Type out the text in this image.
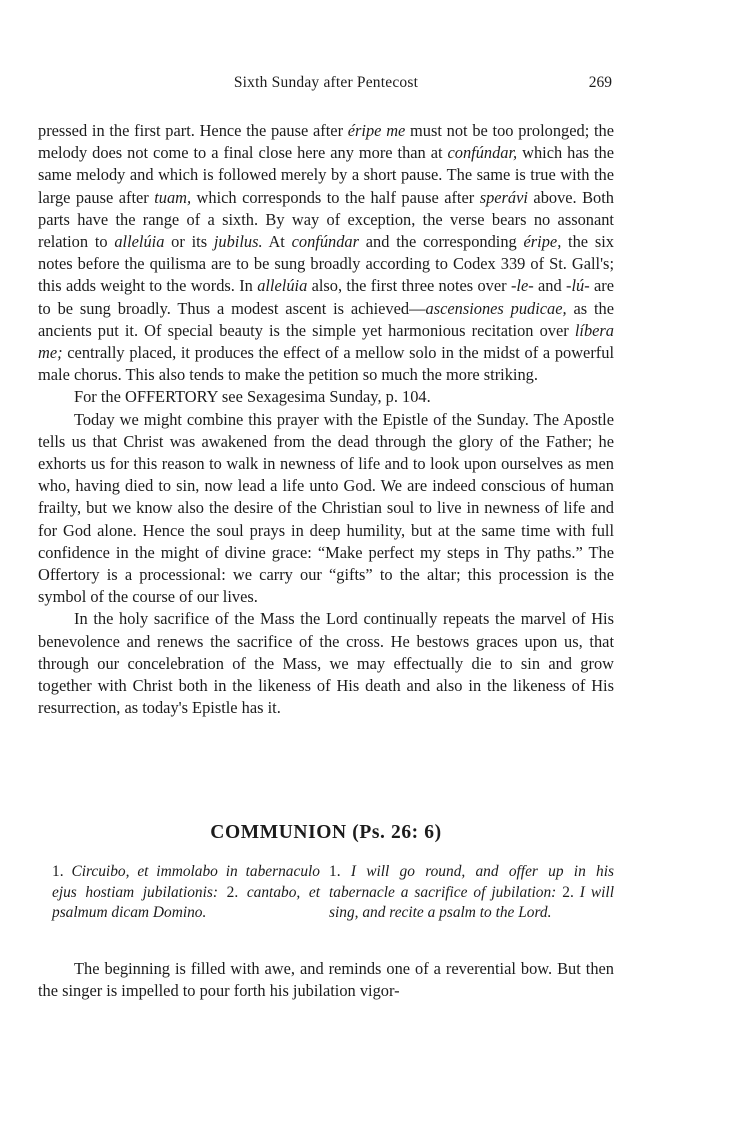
Sixth Sunday after Pentecost	269

pressed in the first part. Hence the pause after éripe me must not be too prolonged; the melody does not come to a final close here any more than at confúndar, which has the same melody and which is followed merely by a short pause. The same is true with the large pause after tuam, which corresponds to the half pause after sperávi above. Both parts have the range of a sixth. By way of exception, the verse bears no assonant relation to allelúia or its jubilus. At confúndar and the corresponding éripe, the six notes before the quilisma are to be sung broadly according to Codex 339 of St. Gall's; this adds weight to the words. In allelúia also, the first three notes over -le- and -lú- are to be sung broadly. Thus a modest ascent is achieved—ascensiones pudicae, as the ancients put it. Of special beauty is the simple yet harmonious recitation over líbera me; centrally placed, it produces the effect of a mellow solo in the midst of a powerful male chorus. This also tends to make the petition so much the more striking.

For the OFFERTORY see Sexagesima Sunday, p. 104.

Today we might combine this prayer with the Epistle of the Sunday. The Apostle tells us that Christ was awakened from the dead through the glory of the Father; he exhorts us for this reason to walk in newness of life and to look upon ourselves as men who, having died to sin, now lead a life unto God. We are indeed conscious of human frailty, but we know also the desire of the Christian soul to live in newness of life and for God alone. Hence the soul prays in deep humility, but at the same time with full confidence in the might of divine grace: “Make perfect my steps in Thy paths.” The Offertory is a processional: we carry our “gifts” to the altar; this procession is the symbol of the course of our lives.

In the holy sacrifice of the Mass the Lord continually repeats the marvel of His benevolence and renews the sacrifice of the cross. He bestows graces upon us, that through our concelebration of the Mass, we may effectually die to sin and grow together with Christ both in the likeness of His death and also in the likeness of His resurrection, as today's Epistle has it.

COMMUNION (Ps. 26: 6)
1. Circuibo, et immolabo in tabernaculo ejus hostiam jubilationis: 2. cantabo, et psalmum dicam Domino.
1. I will go round, and offer up in his tabernacle a sacrifice of jubilation: 2. I will sing, and recite a psalm to the Lord.

The beginning is filled with awe, and reminds one of a reverential bow. But then the singer is impelled to pour forth his jubilation vigor-
